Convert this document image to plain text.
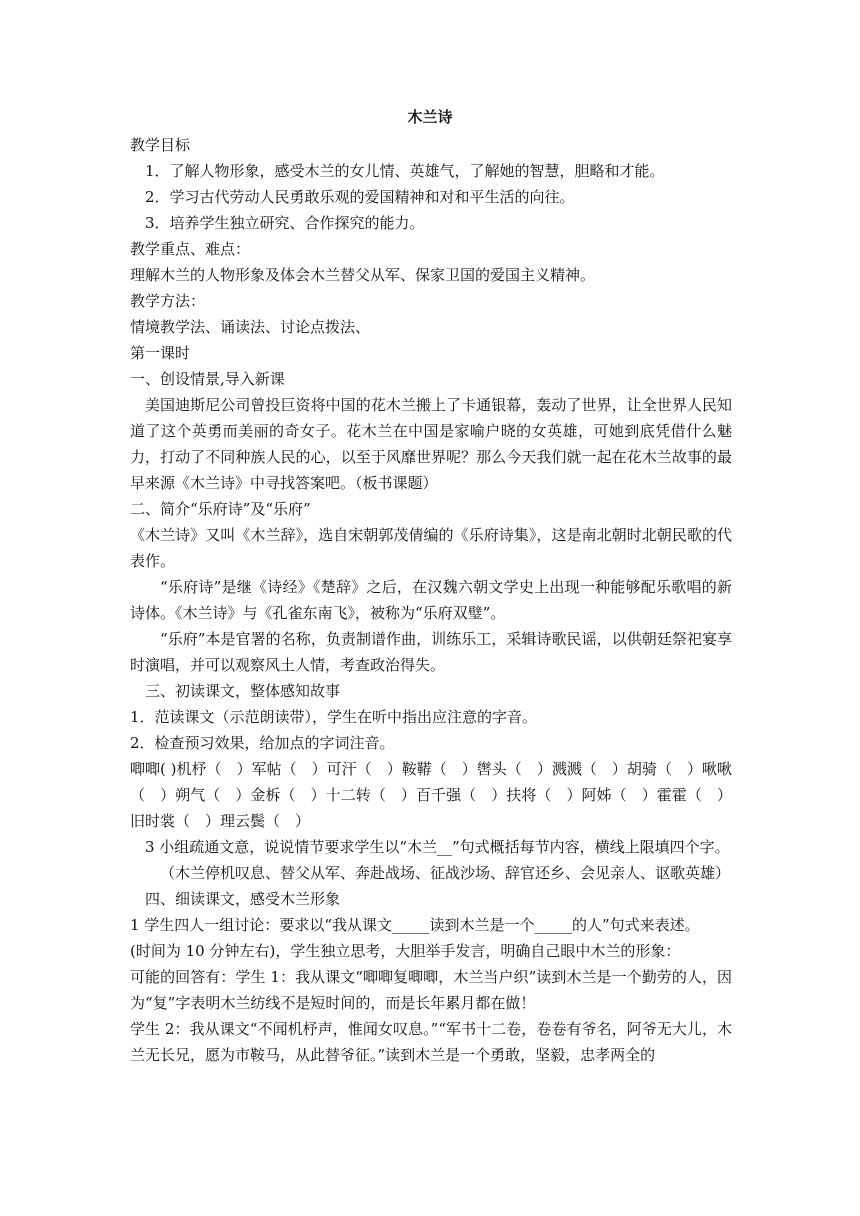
木兰诗

教学目标

1．了解人物形象，感受木兰的女儿情、英雄气，了解她的智慧，胆略和才能。

2．学习古代劳动人民勇敢乐观的爱国精神和对和平生活的向往。

3．培养学生独立研究、合作探究的能力。

教学重点、难点：

理解木兰的人物形象及体会木兰替父从军、保家卫国的爱国主义精神。

教学方法：

情境教学法、诵读法、讨论点拨法、

第一课时

一、创设情景,导入新课

美国迪斯尼公司曾投巨资将中国的花木兰搬上了卡通银幕，轰动了世界，让全世界人民知道了这个英勇而美丽的奇女子。花木兰在中国是家喻户晓的女英雄，可她到底凭借什么魅力，打动了不同种族人民的心，以至于风靡世界呢？那么今天我们就一起在花木兰故事的最早来源《木兰诗》中寻找答案吧。（板书课题）

二、简介“乐府诗”及“乐府”

《木兰诗》又叫《木兰辞》，选自宋朝郭茂倩编的《乐府诗集》，这是南北朝时北朝民歌的代表作。

“乐府诗”是继《诗经》《楚辞》之后，在汉魏六朝文学史上出现一种能够配乐歌唱的新诗体。《木兰诗》与《孔雀东南飞》，被称为“乐府双璧”。

“乐府”本是官署的名称，负责制谱作曲，训练乐工，采辑诗歌民谣，以供朝廷祭祀宴享时演唱，并可以观察风土人情，考查政治得失。

三、初读课文，整体感知故事

1．范读课文（示范朗读带），学生在听中指出应注意的字音。

2．检查预习效果，给加点的字词注音。

唧唧( )机杼（　）军帖（　）可汗（　）鞍鞯（　）辔头（　）溅溅（　）胡骑（　）啾啾（　）朔气（　）金柝（　）十二转（　）百千强（　）扶将（　）阿姊（　）霍霍（　）旧时裳（　）理云鬓（　）

3 小组疏通文意，说说情节要求学生以“木兰__”句式概括每节内容，横线上限填四个字。

（木兰停机叹息、替父从军、奔赴战场、征战沙场、辞官还乡、会见亲人、讴歌英雄）

四、细读课文，感受木兰形象

1 学生四人一组讨论：要求以“我从课文_____读到木兰是一个_____的人”句式来表述。

(时间为 10 分钟左右)，学生独立思考，大胆举手发言，明确自己眼中木兰的形象：

可能的回答有：学生 1：我从课文“唧唧复唧唧，木兰当户织”读到木兰是一个勤劳的人，因为“复”字表明木兰纺线不是短时间的，而是长年累月都在做！

学生 2：我从课文“不闻机杼声，惟闻女叹息。”“军书十二卷，卷卷有爷名，阿爷无大儿，木兰无长兄，愿为市鞍马，从此替爷征。”读到木兰是一个勇敢，坚毅，忠孝两全的
